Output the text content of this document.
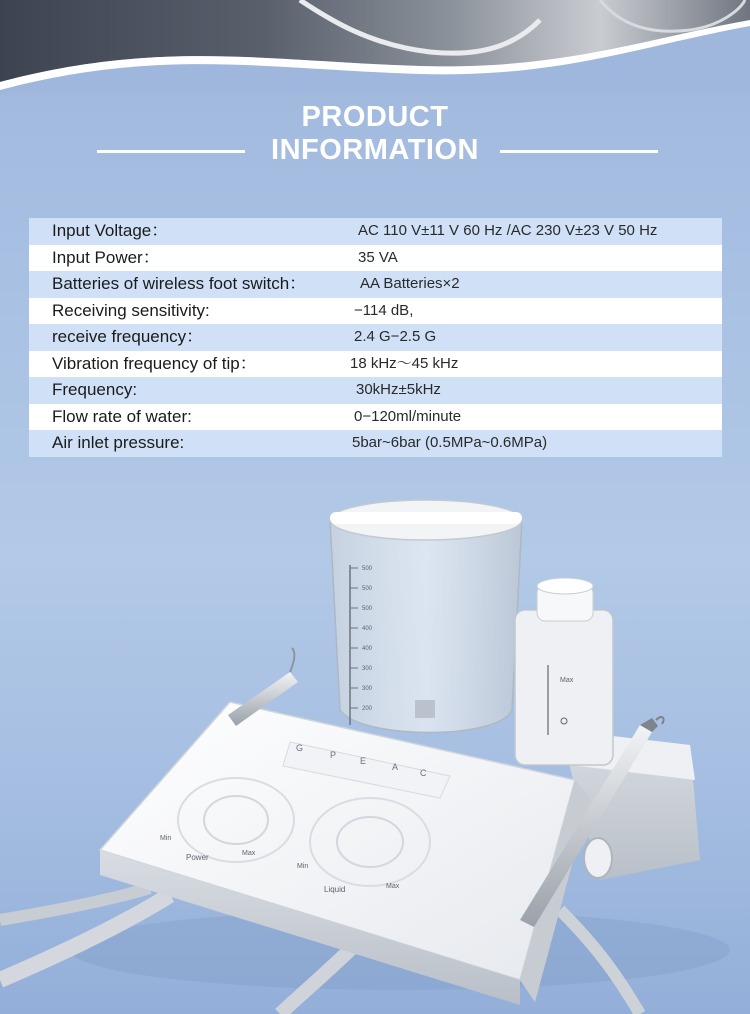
PRODUCT
INFORMATION
Input Voltage：	AC 110 V±11 V 60 Hz /AC 230 V±23 V 50 Hz
Input Power：	35 VA
Batteries of wireless foot switch：	AA Batteries×2
Receiving sensitivity:	−114 dB,
receive frequency：	2.4 G−2.5 G
Vibration frequency of tip：	18 kHz～45 kHz
Frequency:	30kHz±5kHz
Flow rate of water:	0−120ml/minute
Air inlet pressure:	5bar~6bar (0.5MPa~0.6MPa)
500
500
500
400
400
300
300
200
Max
G
P
E
A
C
Min
Max
Power
Min
Max
Liquid
